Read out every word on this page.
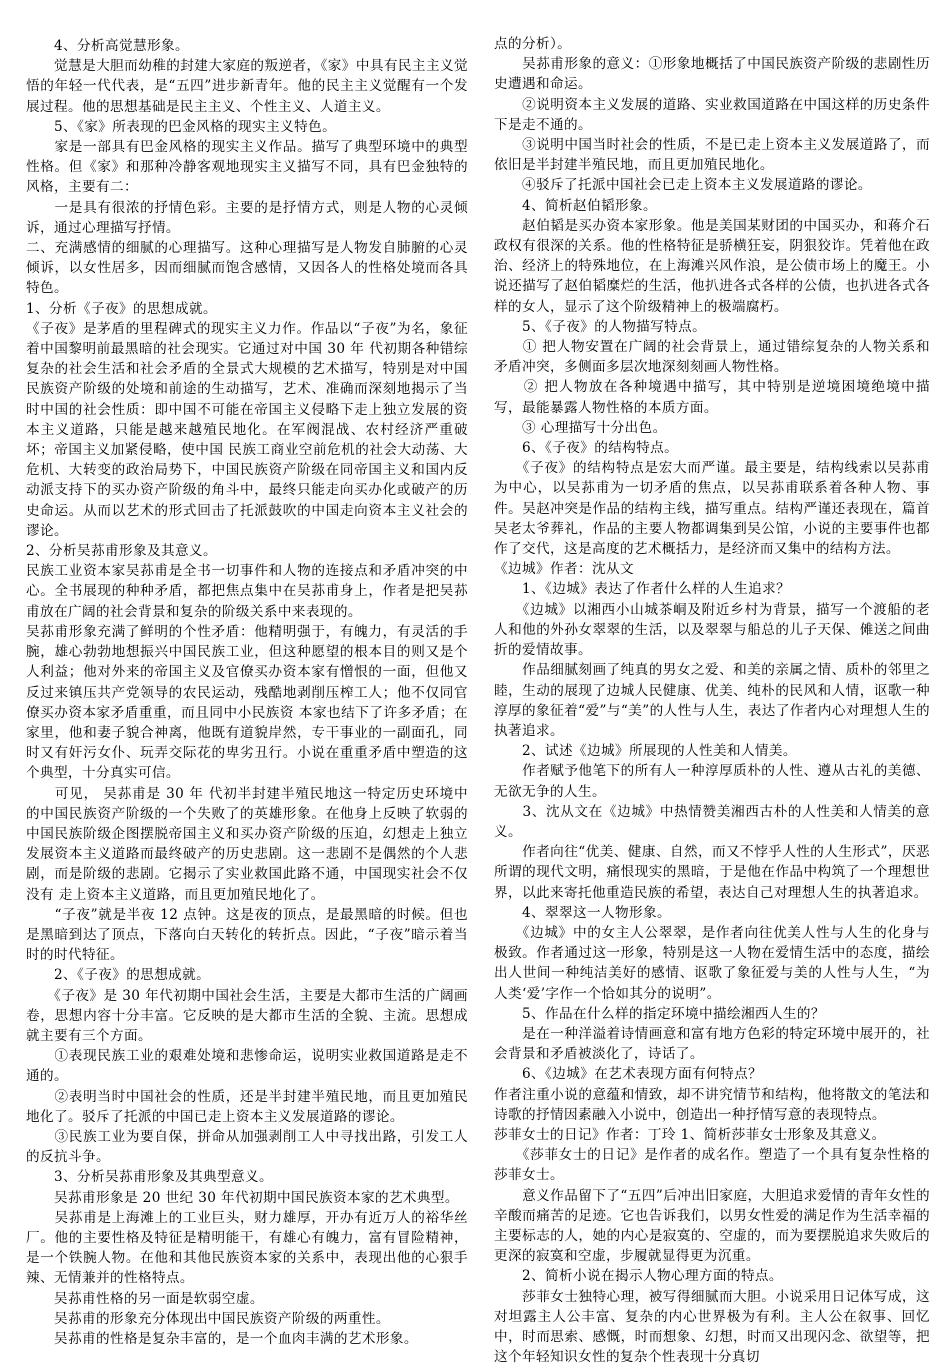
　　4、分析高觉慧形象。

　　觉慧是大胆而幼稚的封建大家庭的叛逆者，《家》中具有民主主义觉悟的年轻一代代表，是“五四”进步新青年。他的民主主义觉醒有一个发展过程。他的思想基础是民主主义、个性主义、人道主义。

　　5、《家》所表现的巴金风格的现实主义特色。

　　家是一部具有巴金风格的现实主义作品。描写了典型环境中的典型性格。但《家》和那种冷静客观地现实主义描写不同，具有巴金独特的风格，主要有二：

　　一是具有很浓的抒情色彩。主要的是抒情方式，则是人物的心灵倾诉，通过心理描写抒情。

二、充满感情的细腻的心理描写。这种心理描写是人物发自肺腑的心灵倾诉，以女性居多，因而细腻而饱含感情，又因各人的性格处境而各具特色。

1、分析《子夜》的思想成就。

《子夜》是茅盾的里程碑式的现实主义力作。作品以“子夜”为名，象征着中国黎明前最黑暗的社会现实。它通过对中国 30 年 代初期各种错综复杂的社会生活和社会矛盾的全景式大规模的艺术描写，特别是对中国民族资产阶级的处境和前途的生动描写，艺术、准确而深刻地揭示了当时中国的社会性质：即中国不可能在帝国主义侵略下走上独立发展的资本主义道路，只能是越来越殖民地化。在军阀混战、农村经济严重破坏；帝国主义加紧侵略，使中国 民族工商业空前危机的社会大动荡、大危机、大转变的政治局势下，中国民族资产阶级在同帝国主义和国内反动派支持下的买办资产阶级的角斗中，最终只能走向买办化或破产的历史命运。从而以艺术的形式回击了托派鼓吹的中国走向资本主义社会的谬论。

2、分析吴荪甫形象及其意义。

民族工业资本家吴荪甫是全书一切事件和人物的连接点和矛盾冲突的中心。全书展现的种种矛盾，都把焦点集中在吴荪甫身上，作者是把吴荪甫放在广阔的社会背景和复杂的阶级关系中来表现的。

吴荪甫形象充满了鲜明的个性矛盾：他精明强于，有魄力，有灵活的手腕，雄心勃勃地想振兴中国民族工业，但这种愿望的根本目的则又是个人利益；他对外来的帝国主义及官僚买办资本家有憎恨的一面，但他又反过来镇压共产党领导的农民运动，残酷地剥削压榨工人；他不仅同官僚买办资本家矛盾重重，而且同中小民族资 本家也结下了许多矛盾；在家里，他和妻子貌合神离，他既有道貌岸然，专干事业的一副面孔，同时又有奸污女仆、玩弄交际花的卑劣丑行。小说在重重矛盾中塑造的这个典型，十分真实可信。

　　可见， 吴荪甫是 30 年 代初半封建半殖民地这一特定历史环境中的中国民族资产阶级的一个失败了的英雄形象。在他身上反映了软弱的中国民族阶级企图摆脱帝国主义和买办资产阶级的压迫，幻想走上独立发展资本主义道路而最终破产的历史悲剧。这一悲剧不是偶然的个人悲剧，而是阶级的悲剧。它揭示了实业救国此路不通，中国现实社会不仅没有 走上资本主义道路，而且更加殖民地化了。

　　“子夜”就是半夜 12 点钟。这是夜的顶点，是最黑暗的时候。但也是黑暗到达了顶点，下落向白天转化的转折点。因此，“子夜”暗示着当时的时代特征。

　　2、《子夜》的思想成就。

　　《子夜》是 30 年代初期中国社会生活，主要是大都市生活的广阔画卷，思想内容十分丰富。它反映的是大都市生活的全貌、主流。思想成就主要有三个方面。

　　①表现民族工业的艰难处境和悲惨命运，说明实业救国道路是走不通的。

　　②表明当时中国社会的性质，还是半封建半殖民地，而且更加殖民地化了。驳斥了托派的中国已走上资本主义发展道路的谬论。

　　③民族工业为要自保，拼命从加强剥削工人中寻找出路，引发工人的反抗斗争。

　　3、分析吴荪甫形象及其典型意义。

　　吴荪甫形象是 20 世纪 30 年代初期中国民族资本家的艺术典型。

　　吴荪甫是上海滩上的工业巨头，财力雄厚，开办有近万人的裕华丝厂。他的主要性格及特征是精明能干，有雄心有魄力，富有冒险精神，是一个铁腕人物。在他和其他民族资本家的关系中，表现出他的心狠手辣、无情兼并的性格特点。

　　吴荪甫性格的另一面是软弱空虚。

　　吴荪甫的形象充分体现出中国民族资产阶级的两重性。

　　吴荪甫的性格是复杂丰富的，是一个血肉丰满的艺术形象。

点的分析）。

　　吴荪甫形象的意义：①形象地概括了中国民族资产阶级的悲剧性历史遭遇和命运。

　　②说明资本主义发展的道路、实业救国道路在中国这样的历史条件下是走不通的。

　　③说明中国当时社会的性质，不是已走上资本主义发展道路了，而依旧是半封建半殖民地，而且更加殖民地化。

　　④驳斥了托派中国社会已走上资本主义发展道路的谬论。

　　4、简析赵伯韬形象。

　　赵伯韬是买办资本家形象。他是美国某财团的中国买办，和蒋介石政权有很深的关系。他的性格特征是骄横狂妄，阴狠狡诈。凭着他在政治、经济上的特殊地位，在上海滩兴风作浪，是公债市场上的魔王。小说还描写了赵伯韬糜烂的生活，他扒进各式各样的公债，也扒进各式各样的女人，显示了这个阶级精神上的极端腐朽。

　　5、《子夜》的人物描写特点。

　　① 把人物安置在广阔的社会背景上，通过错综复杂的人物关系和矛盾冲突，多侧面多层次地深刻刻画人物性格。

　　② 把人物放在各种境遇中描写，其中特别是逆境困境绝境中描写，最能暴露人物性格的本质方面。

　　③ 心理描写十分出色。

　　6、《子夜》的结构特点。

　　《子夜》的结构特点是宏大而严谨。最主要是，结构线索以吴荪甫为中心，以吴荪甫为一切矛盾的焦点，以吴荪甫联系着各种人物、事件。吴赵冲突是作品的结构主线，描写重点。结构严谨还表现在，篇首吴老太爷葬礼，作品的主要人物都调集到吴公馆，小说的主要事件也都作了交代，这是高度的艺术概括力，是经济而又集中的结构方法。

《边城》作者：沈从文

　　1、《边城》表达了作者什么样的人生追求？

　　《边城》以湘西小山城茶峒及附近乡村为背景，描写一个渡船的老人和他的外孙女翠翠的生活，以及翠翠与船总的儿子天保、傩送之间曲折的爱情故事。

　　作品细腻刻画了纯真的男女之爱、和美的亲属之情、质朴的邻里之睦，生动的展现了边城人民健康、优美、纯朴的民风和人情，讴歌一种淳厚的象征着“爱”与“美”的人性与人生，表达了作者内心对理想人生的执著追求。

　　2、试述《边城》所展现的人性美和人情美。

　　作者赋予他笔下的所有人一种淳厚质朴的人性、遵从古礼的美德、无欲无争的人生。

　　3、沈从文在《边城》中热情赞美湘西古朴的人性美和人情美的意义。

　　作者向往“优美、健康、自然，而又不悖乎人性的人生形式”，厌恶所谓的现代文明，痛恨现实的黑暗，于是他在作品中构筑了一个理想世界，以此来寄托他重造民族的希望，表达自己对理想人生的执著追求。

　　4、翠翠这一人物形象。

　　《边城》中的女主人公翠翠，是作者向往优美人性与人生的化身与极致。作者通过这一形象，特别是这一人物在爱情生活中的态度，描绘出人世间一种纯洁美好的感情、讴歌了象征爱与美的人性与人生，“为人类‘爱’字作一个恰如其分的说明”。

　　5、作品在什么样的指定环境中描绘湘西人生的？

　　是在一种洋溢着诗情画意和富有地方色彩的特定环境中展开的，社会背景和矛盾被淡化了，诗话了。

　　6、《边城》在艺术表现方面有何特点？

作者注重小说的意蕴和情致，却不讲究情节和结构，他将散文的笔法和诗歌的抒情因素融入小说中，创造出一种抒情写意的表现特点。

莎菲女士的日记》作者：丁玲 1、简析莎菲女士形象及其意义。

　　《莎菲女士的日记》是作者的成名作。塑造了一个具有复杂性格的莎菲女士。

　　意义作品留下了“五四”后冲出旧家庭，大胆追求爱情的青年女性的辛酸而痛苦的足迹。它也告诉我们，以男女性爱的满足作为生活幸福的主要标志的人，她的内心是寂寞的、空虚的，而为要摆脱追求失败后的更深的寂寞和空虚，步履就显得更为沉重。

　　2、简析小说在揭示人物心理方面的特点。

　　莎菲女士独特心理，被写得细腻而大胆。小说采用日记体写成，这对坦露主人公丰富、复杂的内心世界极为有利。主人公在叙事、回忆中，时而思索、感慨，时而想象、幻想，时而又出现闪念、欲望等，把这个年轻知识女性的复杂个性表现十分真切
